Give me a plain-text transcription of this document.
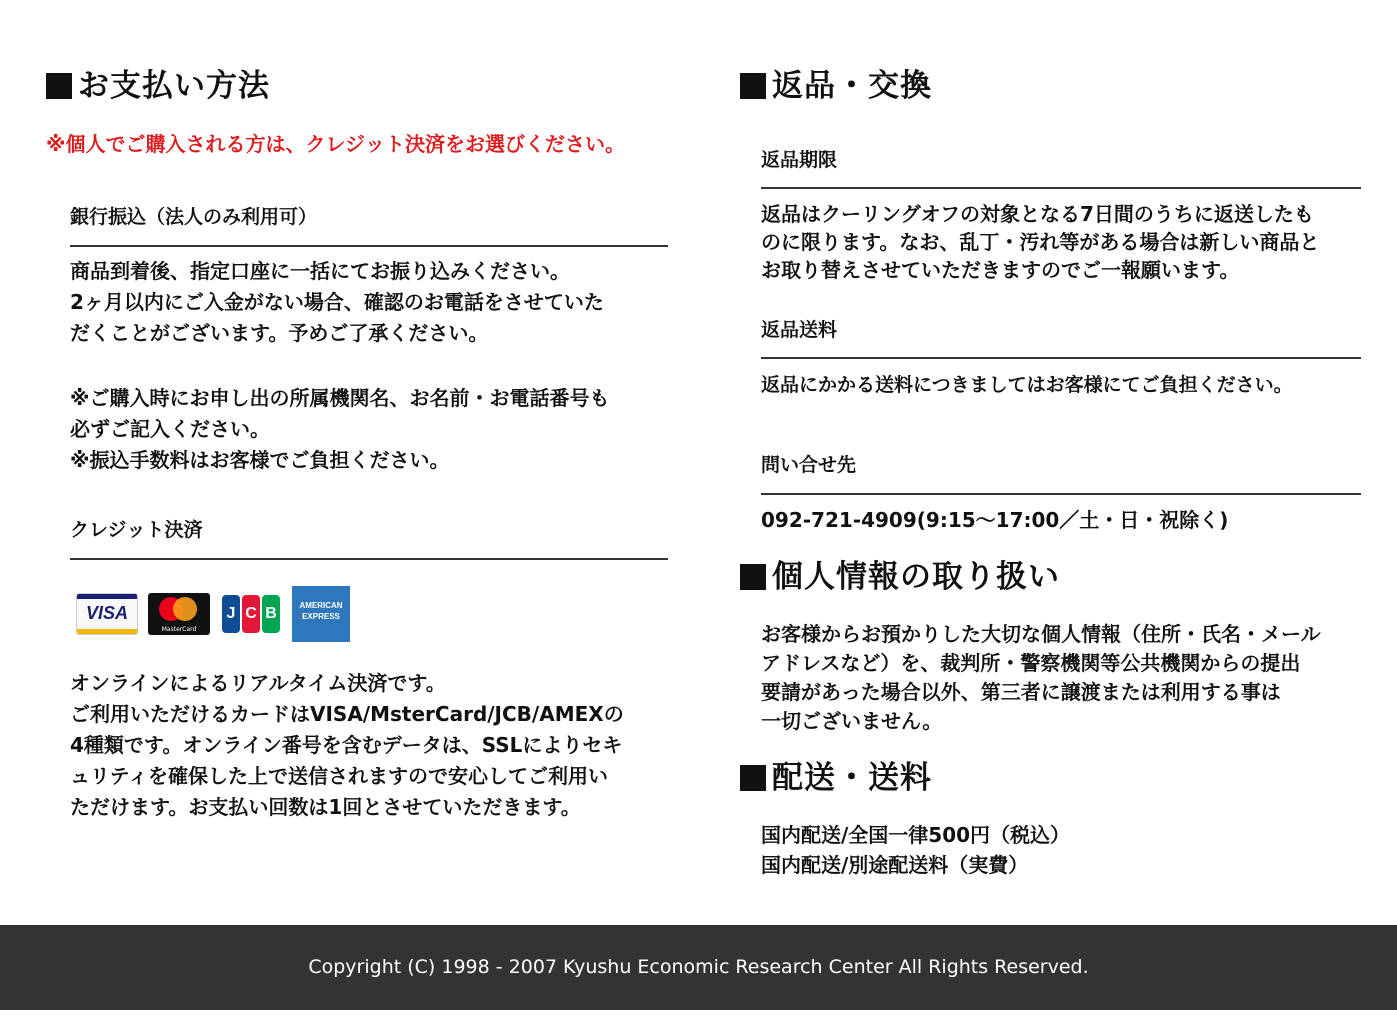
お支払い方法
※個人でご購入される方は、クレジット決済をお選びください。
銀行振込（法人のみ利用可）
商品到着後、指定口座に一括にてお振り込みください。
2ヶ月以内にご入金がない場合、確認のお電話をさせていた
だくことがございます。予めご了承ください。
※ご購入時にお申し出の所属機関名、お名前・お電話番号も
必ずご記入ください。
※振込手数料はお客様でご負担ください。
クレジット決済
VISA
MasterCard
J C B	AMERICAN EXPRESS
オンラインによるリアルタイム決済です。
ご利用いただけるカードはVISA/MsterCard/JCB/AMEXの
4種類です。オンライン番号を含むデータは、SSLによりセキ
ュリティを確保した上で送信されますので安心してご利用い
ただけます。お支払い回数は1回とさせていただきます。
返品・交換
返品期限
返品はクーリングオフの対象となる7日間のうちに返送したも
のに限ります。なお、乱丁・汚れ等がある場合は新しい商品と
お取り替えさせていただきますのでご一報願います。
返品送料
返品にかかる送料につきましてはお客様にてご負担ください。
問い合せ先
092-721-4909(9:15〜17:00／土・日・祝除く)
個人情報の取り扱い
お客様からお預かりした大切な個人情報（住所・氏名・メール
アドレスなど）を、裁判所・警察機関等公共機関からの提出
要請があった場合以外、第三者に譲渡または利用する事は
一切ございません。
配送・送料
国内配送/全国一律500円（税込）
国内配送/別途配送料（実費）
Copyright (C) 1998 - 2007 Kyushu Economic Research Center All Rights Reserved.
